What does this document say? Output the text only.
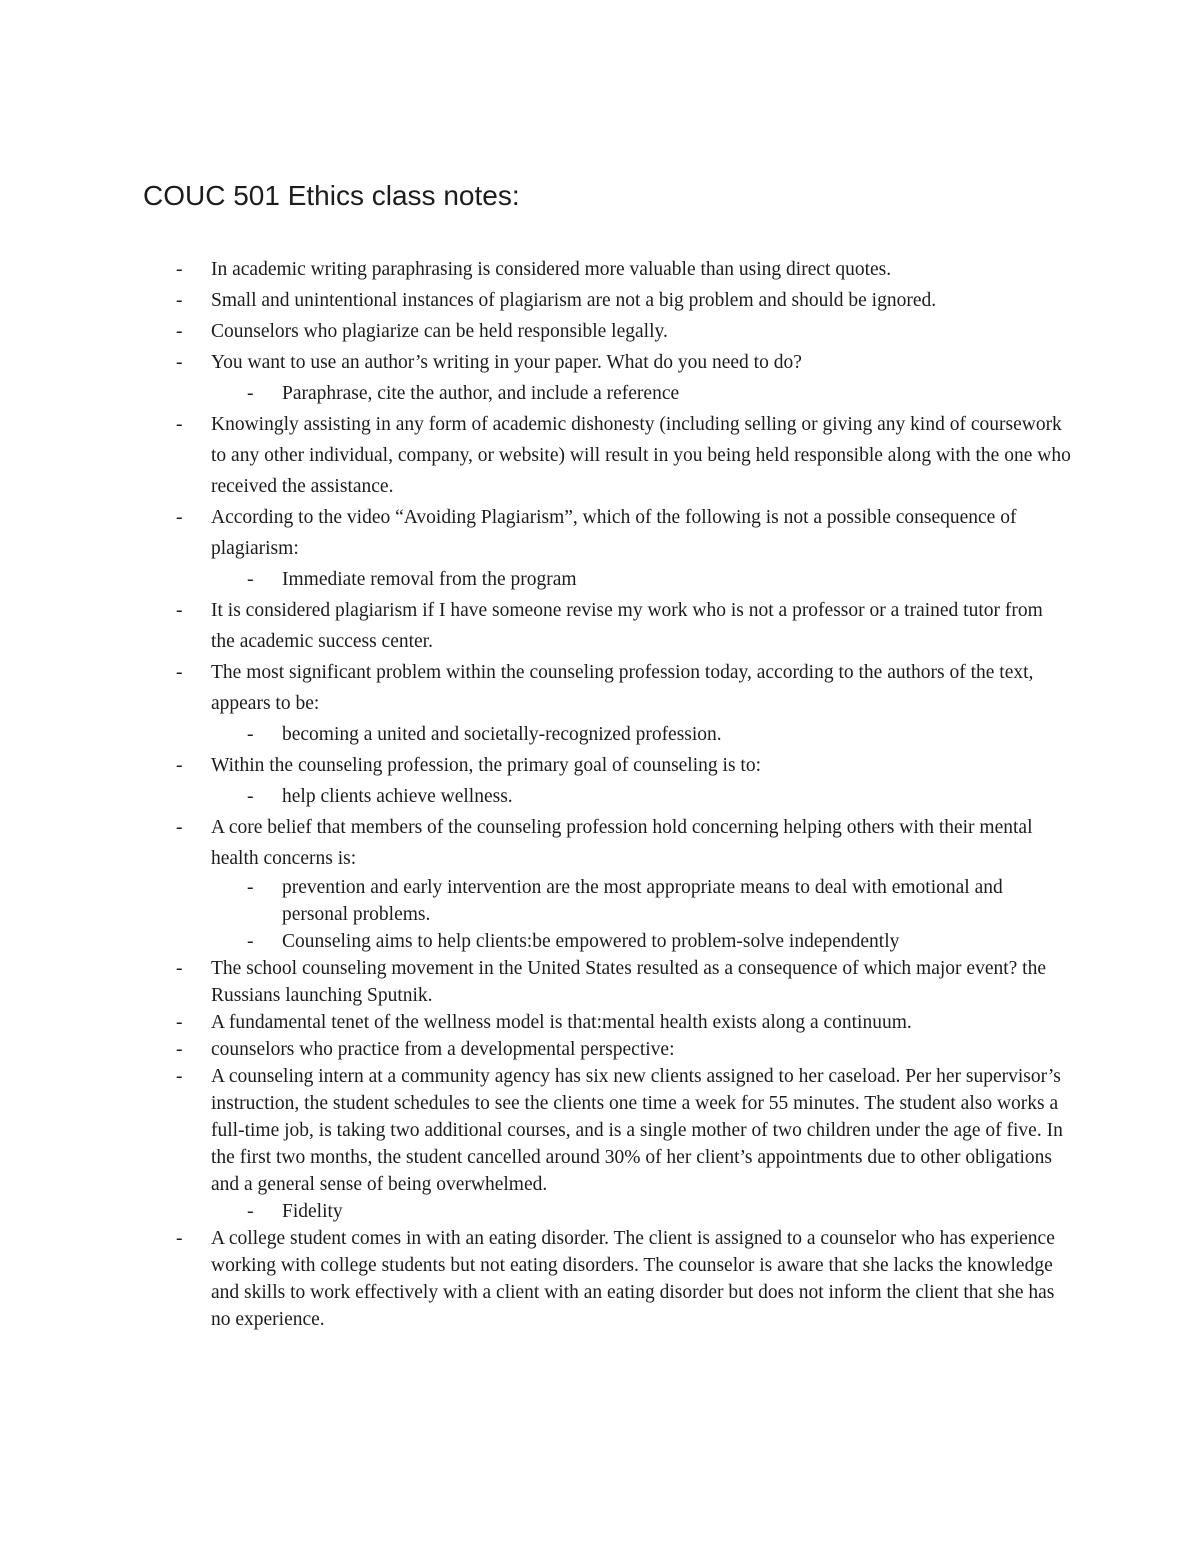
COUC 501 Ethics class notes:

- In academic writing paraphrasing is considered more valuable than using direct quotes.

- Small and unintentional instances of plagiarism are not a big problem and should be ignored.

- Counselors who plagiarize can be held responsible legally.

- You want to use an author’s writing in your paper. What do you need to do?

- Paraphrase, cite the author, and include a reference

- Knowingly assisting in any form of academic dishonesty (including selling or giving any kind of coursework to any other individual, company, or website) will result in you being held responsible along with the one who received the assistance.

- According to the video “Avoiding Plagiarism”, which of the following is not a possible consequence of plagiarism:

- Immediate removal from the program

- It is considered plagiarism if I have someone revise my work who is not a professor or a trained tutor from the academic success center.

- The most significant problem within the counseling profession today, according to the authors of the text, appears to be:

- becoming a united and societally-recognized profession.

- Within the counseling profession, the primary goal of counseling is to:

- help clients achieve wellness.

- A core belief that members of the counseling profession hold concerning helping others with their mental health concerns is:

- prevention and early intervention are the most appropriate means to deal with emotional and personal problems.

- Counseling aims to help clients:be empowered to problem-solve independently

- The school counseling movement in the United States resulted as a consequence of which major event? the Russians launching Sputnik.

- A fundamental tenet of the wellness model is that:mental health exists along a continuum.

- counselors who practice from a developmental perspective:

- A counseling intern at a community agency has six new clients assigned to her caseload. Per her supervisor’s instruction, the student schedules to see the clients one time a week for 55 minutes. The student also works a full-time job, is taking two additional courses, and is a single mother of two children under the age of five. In the first two months, the student cancelled around 30% of her client’s appointments due to other obligations and a general sense of being overwhelmed.

- Fidelity

- A college student comes in with an eating disorder. The client is assigned to a counselor who has experience working with college students but not eating disorders. The counselor is aware that she lacks the knowledge and skills to work effectively with a client with an eating disorder but does not inform the client that she has no experience.
